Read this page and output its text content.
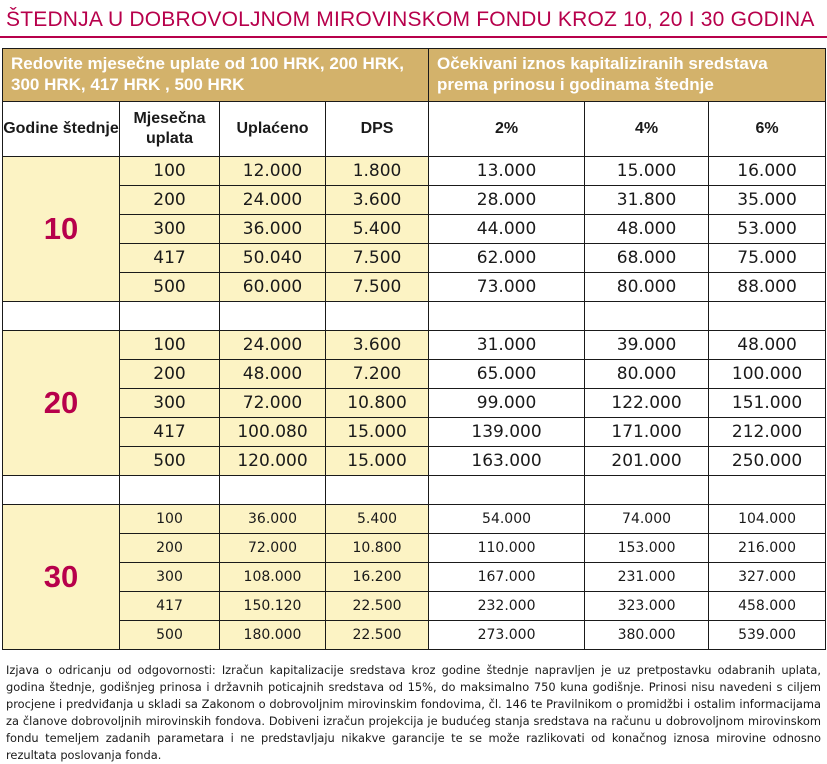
ŠTEDNJA U DOBROVOLJNOM MIROVINSKOM FONDU KROZ 10, 20 I 30 GODINA
Redovite mjesečne uplate od 100 HRK, 200 HRK, 300 HRK, 417 HRK , 500 HRK				Očekivani iznos kapitaliziranih sredstava prema prinosu i godinama štednje		
Godine štednje	Mjesečna uplata	Uplaćeno	DPS	2%	4%	6%
10	100	12.000	1.800	13.000	15.000	16.000
	200	24.000	3.600	28.000	31.800	35.000
	300	36.000	5.400	44.000	48.000	53.000
	417	50.040	7.500	62.000	68.000	75.000
	500	60.000	7.500	73.000	80.000	88.000

20	100	24.000	3.600	31.000	39.000	48.000
	200	48.000	7.200	65.000	80.000	100.000
	300	72.000	10.800	99.000	122.000	151.000
	417	100.080	15.000	139.000	171.000	212.000
	500	120.000	15.000	163.000	201.000	250.000

30	100	36.000	5.400	54.000	74.000	104.000
	200	72.000	10.800	110.000	153.000	216.000
	300	108.000	16.200	167.000	231.000	327.000
	417	150.120	22.500	232.000	323.000	458.000
	500	180.000	22.500	273.000	380.000	539.000
Izjava o odricanju od odgovornosti: Izračun kapitalizacije sredstava kroz godine štednje napravljen je uz pretpostavku odabranih uplata, godina štednje, godišnjeg prinosa i državnih poticajnih sredstava od 15%, do maksimalno 750 kuna godišnje. Prinosi nisu navedeni s ciljem procjene i predviđanja u skladi sa Zakonom o dobrovoljnim mirovinskim fondovima, čl. 146 te Pravilnikom o promidžbi i ostalim informacijama za članove dobrovoljnih mirovinskih fondova. Dobiveni izračun projekcija je budućeg stanja sredstava na računu u dobrovoljnom mirovinskom fondu temeljem zadanih parametara i ne predstavljaju nikakve garancije te se može razlikovati od konačnog iznosa mirovine odnosno rezultata poslovanja fonda.
